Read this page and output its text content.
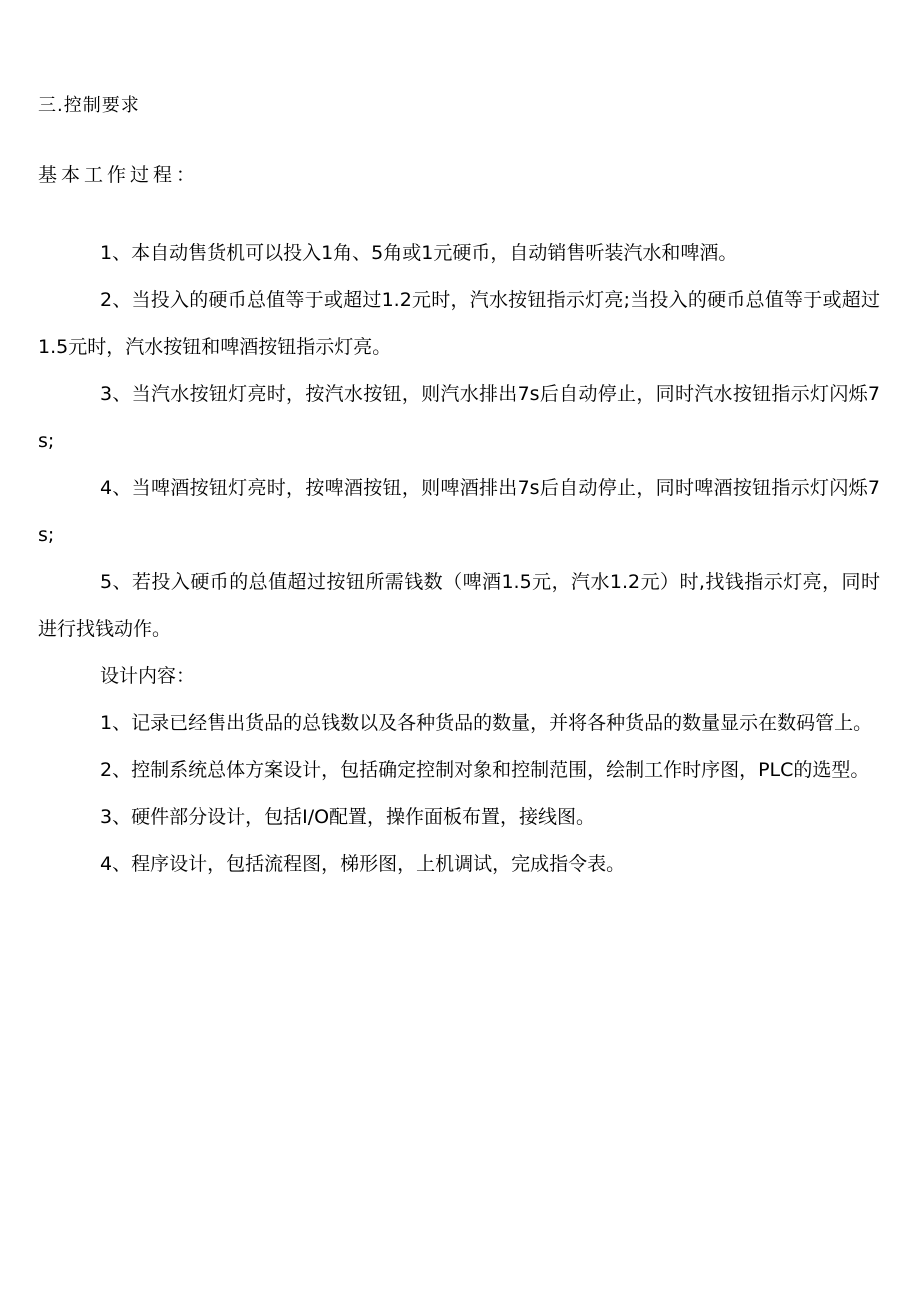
三.控制要求
基本工作过程：

1、本自动售货机可以投入1角、5角或1元硬币，自动销售听装汽水和啤酒。

2、当投入的硬币总值等于或超过1.2元时，汽水按钮指示灯亮;当投入的硬币总值等于或超过1.5元时，汽水按钮和啤酒按钮指示灯亮。

3、当汽水按钮灯亮时，按汽水按钮，则汽水排出7s后自动停止，同时汽水按钮指示灯闪烁7s;

4、当啤酒按钮灯亮时，按啤酒按钮，则啤酒排出7s后自动停止，同时啤酒按钮指示灯闪烁7s;

5、若投入硬币的总值超过按钮所需钱数（啤酒1.5元，汽水1.2元）时,找钱指示灯亮，同时进行找钱动作。

设计内容：

1、记录已经售出货品的总钱数以及各种货品的数量，并将各种货品的数量显示在数码管上。

2、控制系统总体方案设计，包括确定控制对象和控制范围，绘制工作时序图，PLC的选型。

3、硬件部分设计，包括I/O配置，操作面板布置，接线图。

4、程序设计，包括流程图，梯形图，上机调试，完成指令表。
